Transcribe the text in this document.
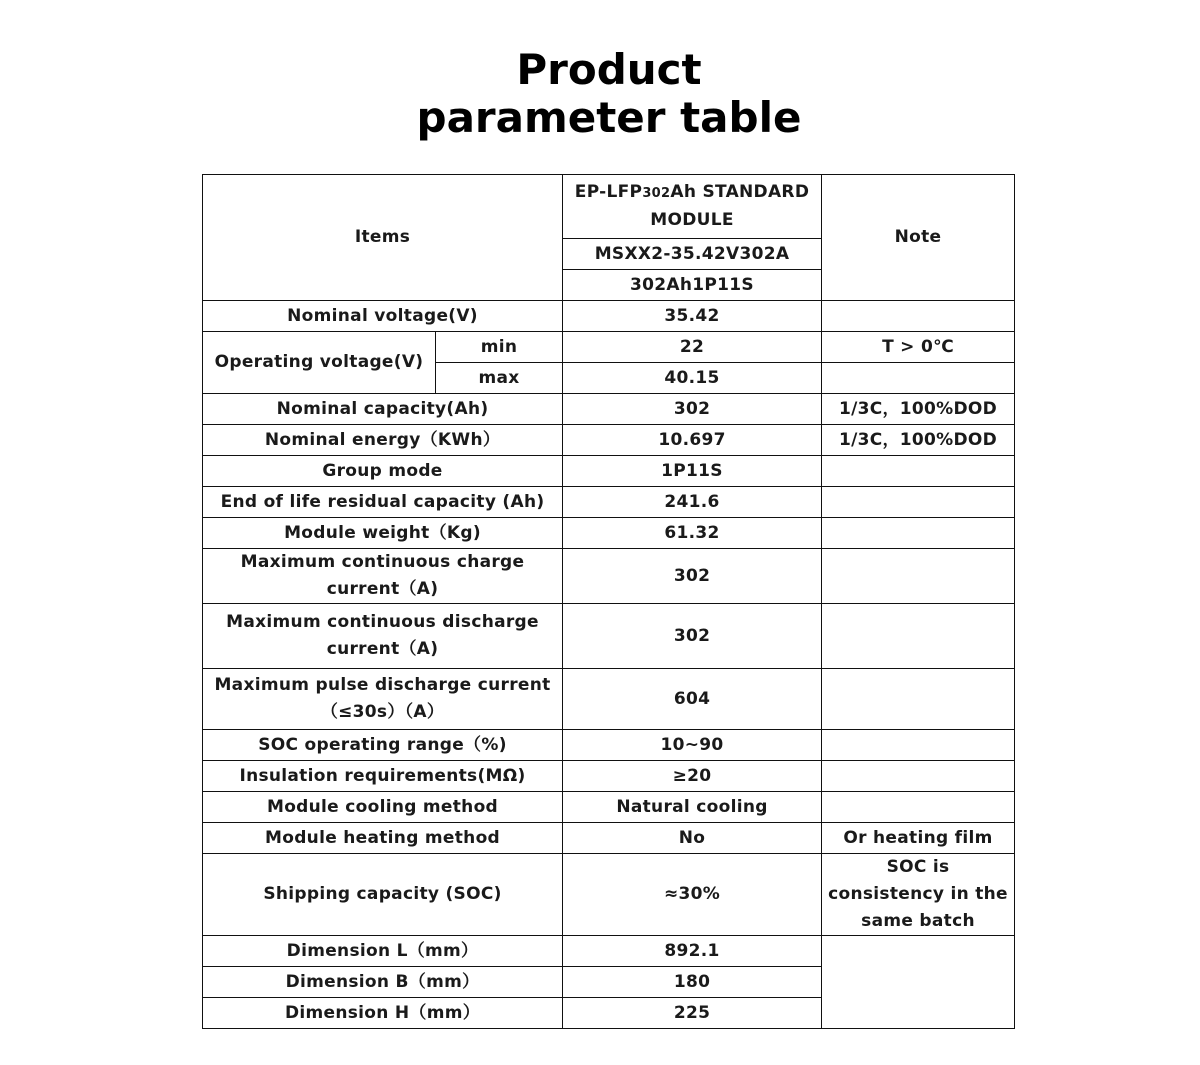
Product
parameter table
Items		EP-LFP302Ah STANDARD MODULE	Note
		MSXX2-35.42V302A	
		302Ah1P11S	
Nominal voltage(V)		35.42	
Operating voltage(V)	min	22	T > 0℃
	max	40.15	
Nominal capacity(Ah)		302	1/3C，100%DOD
Nominal energy（KWh）		10.697	1/3C，100%DOD
Group mode		1P11S	
End of life residual capacity (Ah)		241.6	
Module weight（Kg)		61.32	

Maximum continuous charge
current（A)		302	

Maximum continuous discharge
current（A)		302	

Maximum pulse discharge current
（≤30s）（A）		604	
SOC operating range（%)		10~90	
Insulation requirements(MΩ)		≥20	
Module cooling method		Natural cooling	
Module heating method		No	Or heating film
Shipping capacity (SOC)		≈30%	SOC is
consistency in the
same batch

Dimension L（mm）		892.1	
Dimension B（mm）		180	
Dimension H（mm）		225	
